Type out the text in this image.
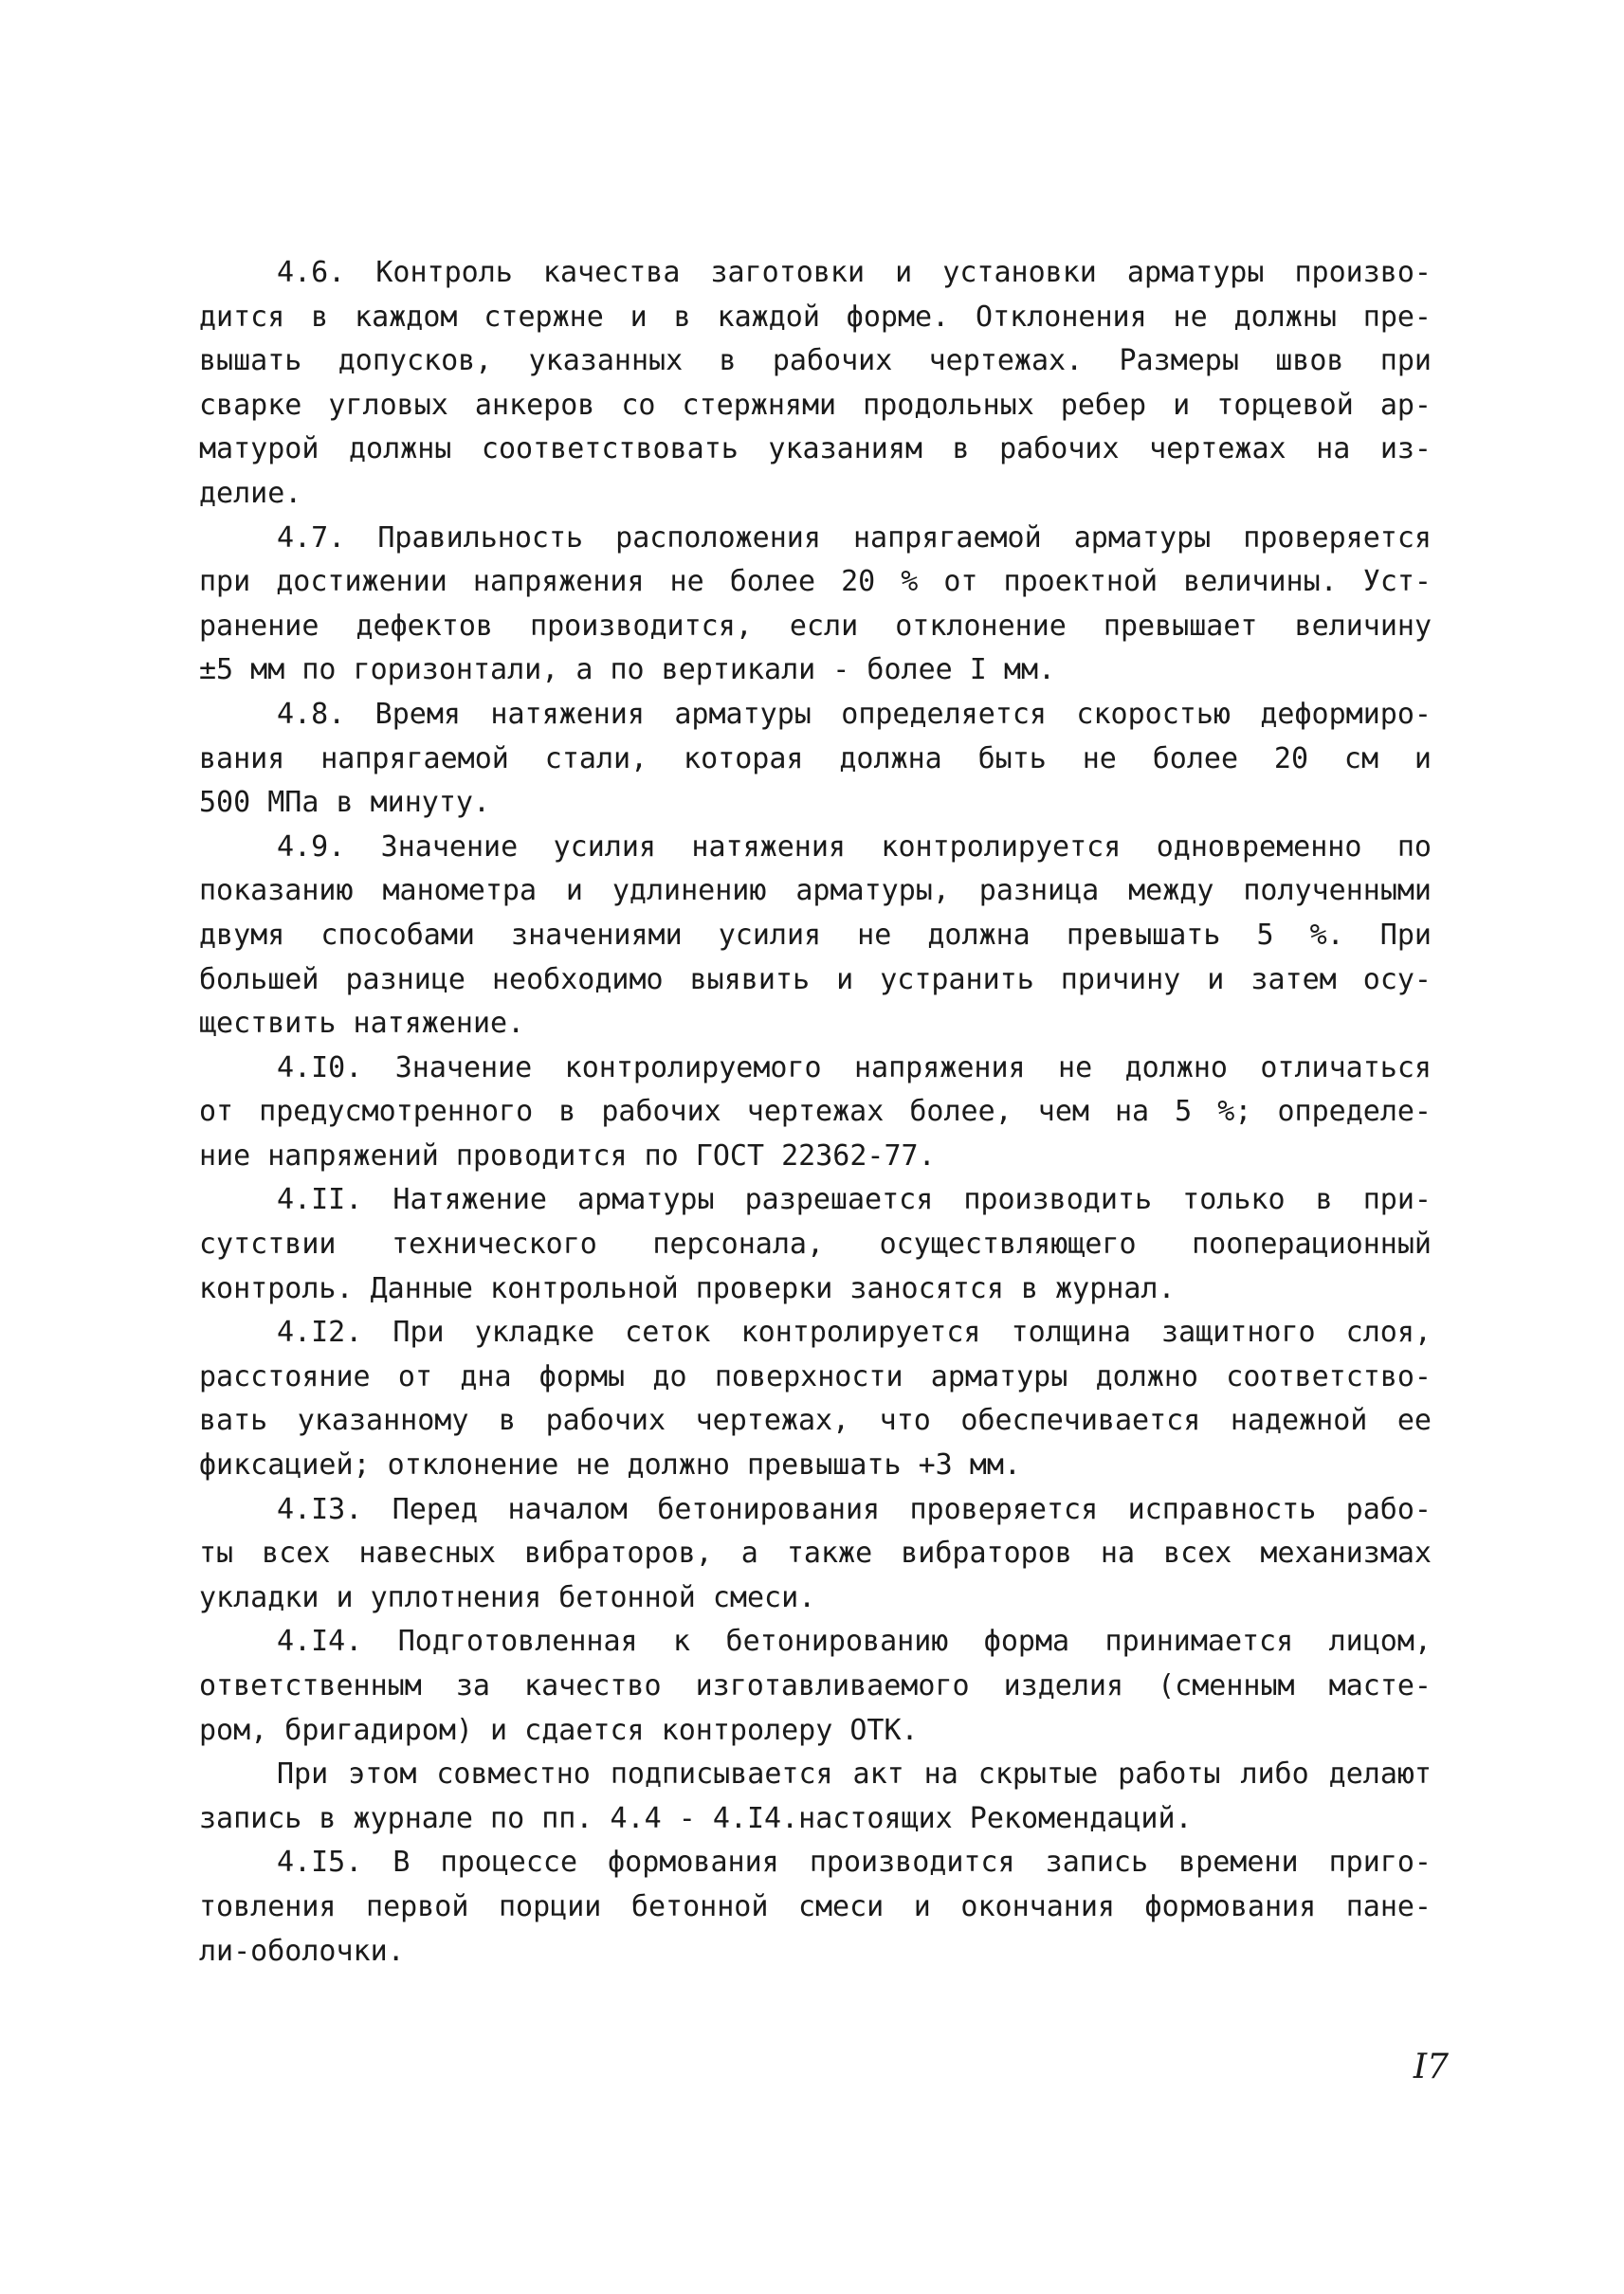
4.6. Контроль качества заготовки и установки арматуры произво-
дится в каждом стержне и в каждой форме. Отклонения не должны пре-
вышать допусков, указанных в рабочих чертежах. Размеры швов при
сварке угловых анкеров со стержнями продольных ребер и торцевой ар-
матурой должны соответствовать указаниям в рабочих чертежах на из-
делие.
4.7. Правильность расположения напрягаемой арматуры проверяется
при достижении напряжения не более 20 % от проектной величины. Уст-
ранение дефектов производится, если отклонение превышает величину
±5 мм по горизонтали, а по вертикали - более I мм.
4.8. Время натяжения арматуры определяется скоростью деформиро-
вания напрягаемой стали, которая должна быть не более 20 см и
500 МПа в минуту.
4.9. Значение усилия натяжения контролируется одновременно по
показанию манометра и удлинению арматуры, разница между полученными
двумя способами значениями усилия не должна превышать 5 %. При
большей разнице необходимо выявить и устранить причину и затем осу-
ществить натяжение.
4.I0. Значение контролируемого напряжения не должно отличаться
от предусмотренного в рабочих чертежах более, чем на 5 %; определе-
ние напряжений проводится по ГОСТ 22362-77.
4.II. Натяжение арматуры разрешается производить только в при-
сутствии технического персонала, осуществляющего пооперационный
контроль. Данные контрольной проверки заносятся в журнал.
4.I2. При укладке сеток контролируется толщина защитного слоя,
расстояние от дна формы до поверхности арматуры должно соответство-
вать указанному в рабочих чертежах, что обеспечивается надежной ее
фиксацией; отклонение не должно превышать +3 мм.
4.I3. Перед началом бетонирования проверяется исправность рабо-
ты всех навесных вибраторов, а также вибраторов на всех механизмах
укладки и уплотнения бетонной смеси.
4.I4. Подготовленная к бетонированию форма принимается лицом,
ответственным за качество изготавливаемого изделия (сменным масте-
ром, бригадиром) и сдается контролеру ОТК.
При этом совместно подписывается акт на скрытые работы либо делают
запись в журнале по пп. 4.4 - 4.I4.настоящих Рекомендаций.
4.I5. В процессе формования производится запись времени приго-
товления первой порции бетонной смеси и окончания формования пане-
ли-оболочки.
I7
